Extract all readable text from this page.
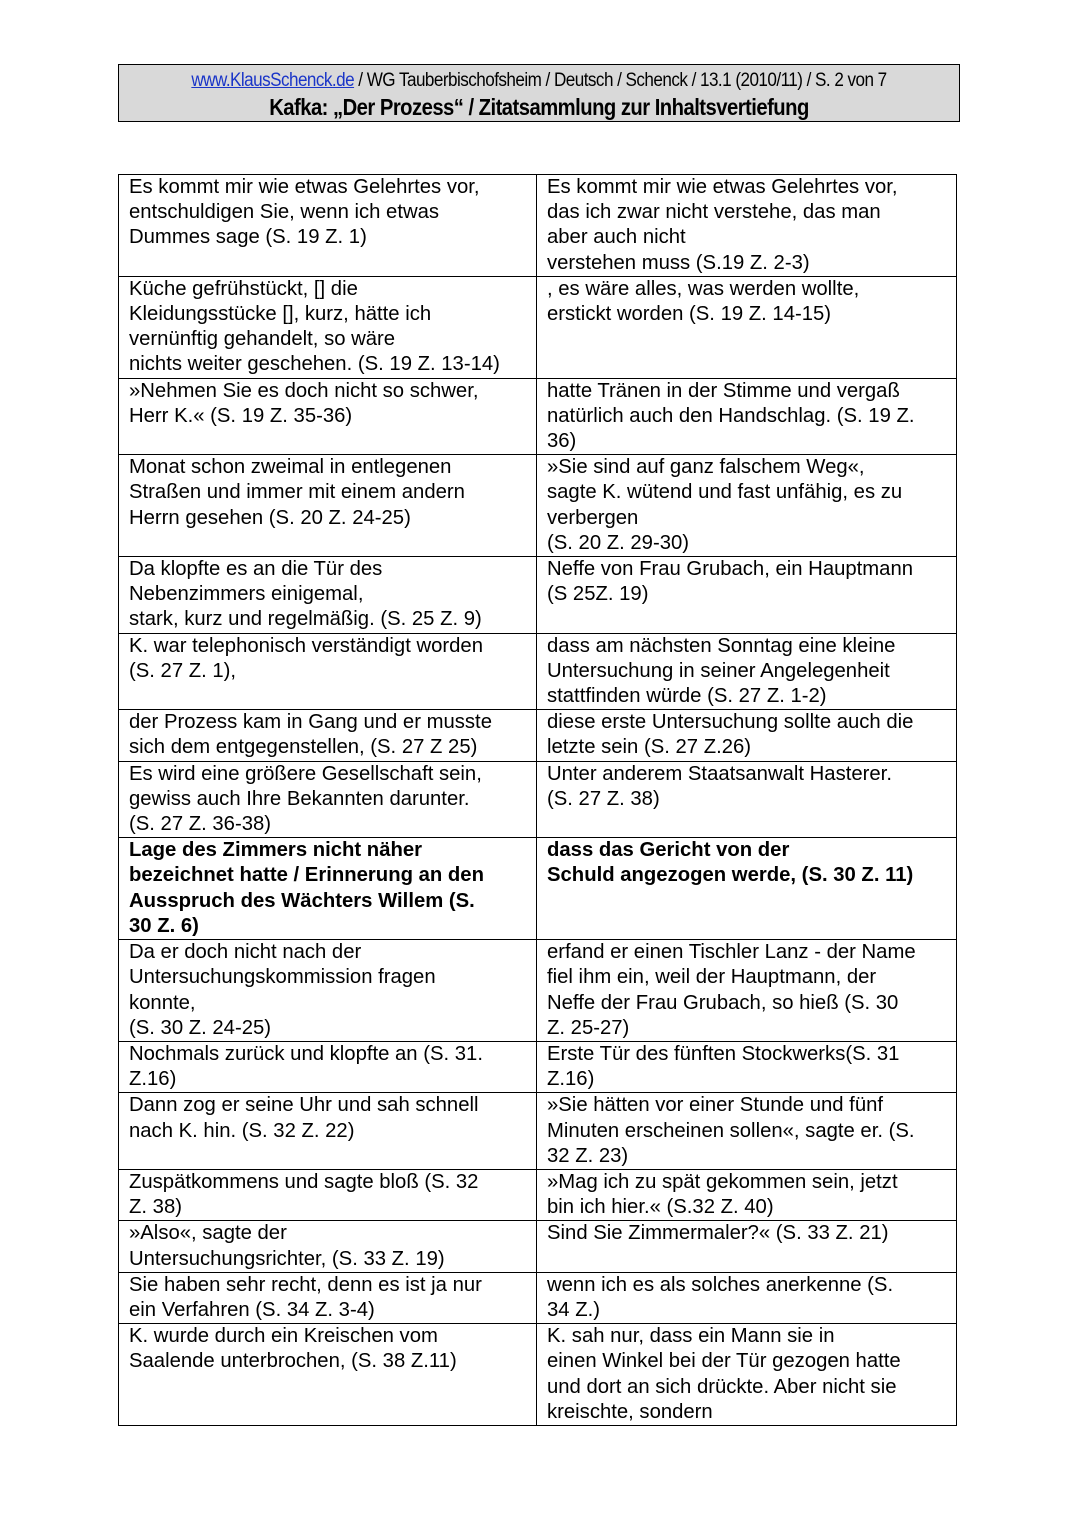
www.KlausSchenck.de / WG Tauberbischofsheim / Deutsch / Schenck / 13.1 (2010/11) / S. 2 von 7
Kafka: „Der Prozess“ / Zitatsammlung zur Inhaltsvertiefung
Es kommt mir wie etwas Gelehrtes vor,
entschuldigen Sie, wenn ich etwas
Dummes sage (S. 19 Z. 1)	Es kommt mir wie etwas Gelehrtes vor,
das ich zwar nicht verstehe, das man
aber auch nicht
verstehen muss (S.19 Z. 2-3)

Küche gefrühstückt, [] die
Kleidungsstücke [], kurz, hätte ich
vernünftig gehandelt, so wäre
nichts weiter geschehen. (S. 19 Z. 13-14)	, es wäre alles, was werden wollte,
erstickt worden (S. 19 Z. 14-15)

»Nehmen Sie es doch nicht so schwer,
Herr K.« (S. 19 Z. 35-36)	hatte Tränen in der Stimme und vergaß
natürlich auch den Handschlag. (S. 19 Z.
36)

Monat schon zweimal in entlegenen
Straßen und immer mit einem andern
Herrn gesehen (S. 20 Z. 24-25)	»Sie sind auf ganz falschem Weg«,
sagte K. wütend und fast unfähig, es zu
verbergen
(S. 20 Z. 29-30)

Da klopfte es an die Tür des
Nebenzimmers einigemal,
stark, kurz und regelmäßig. (S. 25 Z. 9)	Neffe von Frau Grubach, ein Hauptmann
(S 25Z. 19)

K. war telephonisch verständigt worden
(S. 27 Z. 1),	dass am nächsten Sonntag eine kleine
Untersuchung in seiner Angelegenheit
stattfinden würde (S. 27 Z. 1-2)

der Prozess kam in Gang und er musste
sich dem entgegenstellen, (S. 27 Z 25)	diese erste Untersuchung sollte auch die
letzte sein (S. 27 Z.26)

Es wird eine größere Gesellschaft sein,
gewiss auch Ihre Bekannten darunter.
(S. 27 Z. 36-38)	Unter anderem Staatsanwalt Hasterer.
(S. 27 Z. 38)

Lage des Zimmers nicht näher
bezeichnet hatte / Erinnerung an den
Ausspruch des Wächters Willem (S.
30 Z. 6)	dass das Gericht von der
Schuld angezogen werde, (S. 30 Z. 11)

Da er doch nicht nach der
Untersuchungskommission fragen
konnte,
(S. 30 Z. 24-25)	erfand er einen Tischler Lanz - der Name
fiel ihm ein, weil der Hauptmann, der
Neffe der Frau Grubach, so hieß (S. 30
Z. 25-27)

Nochmals zurück und klopfte an (S. 31.
Z.16)	Erste Tür des fünften Stockwerks(S. 31
Z.16)

Dann zog er seine Uhr und sah schnell
nach K. hin. (S. 32 Z. 22)	»Sie hätten vor einer Stunde und fünf
Minuten erscheinen sollen«, sagte er. (S.
32 Z. 23)

Zuspätkommens und sagte bloß (S. 32
Z. 38)	»Mag ich zu spät gekommen sein, jetzt
bin ich hier.« (S.32 Z. 40)

»Also«, sagte der
Untersuchungsrichter, (S. 33 Z. 19)	Sind Sie Zimmermaler?« (S. 33 Z. 21)

Sie haben sehr recht, denn es ist ja nur
ein Verfahren (S. 34 Z. 3-4)	wenn ich es als solches anerkenne (S.
34 Z.)

K. wurde durch ein Kreischen vom
Saalende unterbrochen, (S. 38 Z.11)	K. sah nur, dass ein Mann sie in
einen Winkel bei der Tür gezogen hatte
und dort an sich drückte. Aber nicht sie
kreischte, sondern
